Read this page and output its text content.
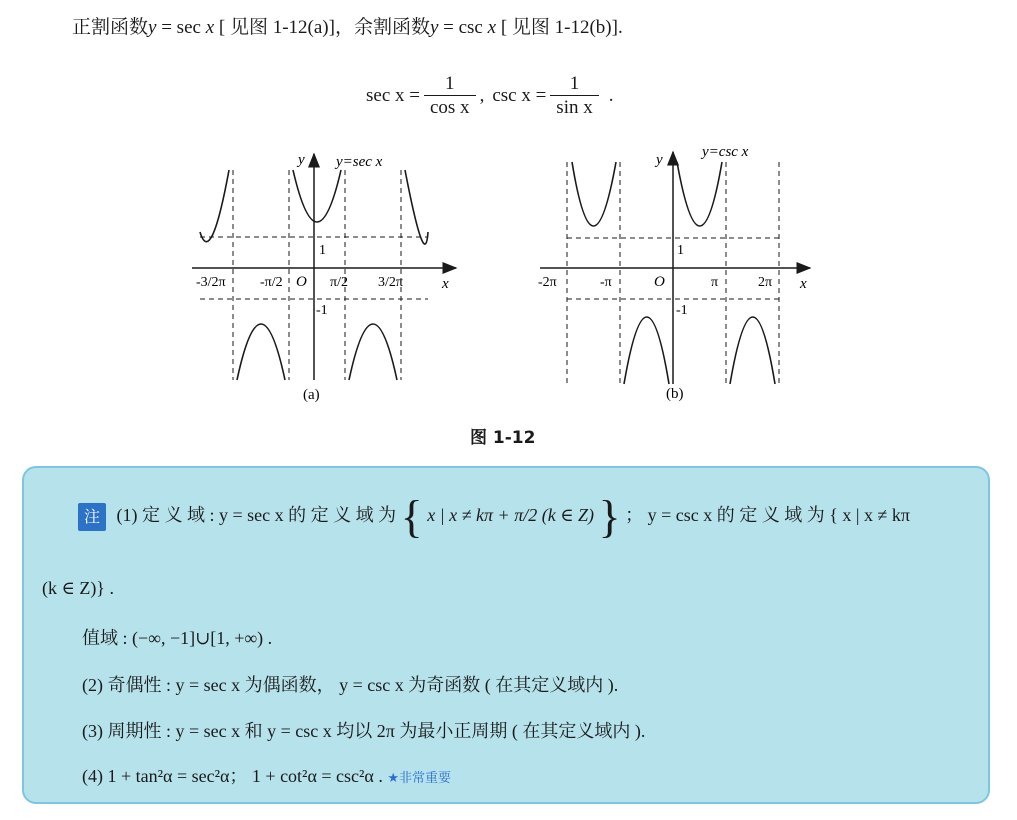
正割函数y = sec x [ 见图 1-12(a)]，余割函数y = csc x [ 见图 1-12(b)].
$\sec x = \frac{1}{\text{cos x}}$ , $\csc x = \frac{1}{\text{sin x}}$ .
y=sec x
y
x
O
-3/2π -π/2	π/2 3/2π
1
-1
(a)
y=csc x
y
x
O
-2π	-π	π	2π
1
-1
(b)
图 1-12
注 (1) 定 义 域 : y = sec x 的 定 义 域 为 { x | x ≠ kπ + π/2 (k ∈ Z) } ； y = csc x 的 定 义 域 为 { x | x ≠ kπ
(k ∈ Z)} .
值域 : (−∞, −1]∪[1, +∞) .
(2) 奇偶性 : y = sec x 为偶函数， y = csc x 为奇函数 ( 在其定义域内 ).
(3) 周期性 : y = sec x 和 y = csc x 均以 2π 为最小正周期 ( 在其定义域内 ).
(4) 1 + tan²α = sec²α； 1 + cot²α = csc²α . ★非常重要
